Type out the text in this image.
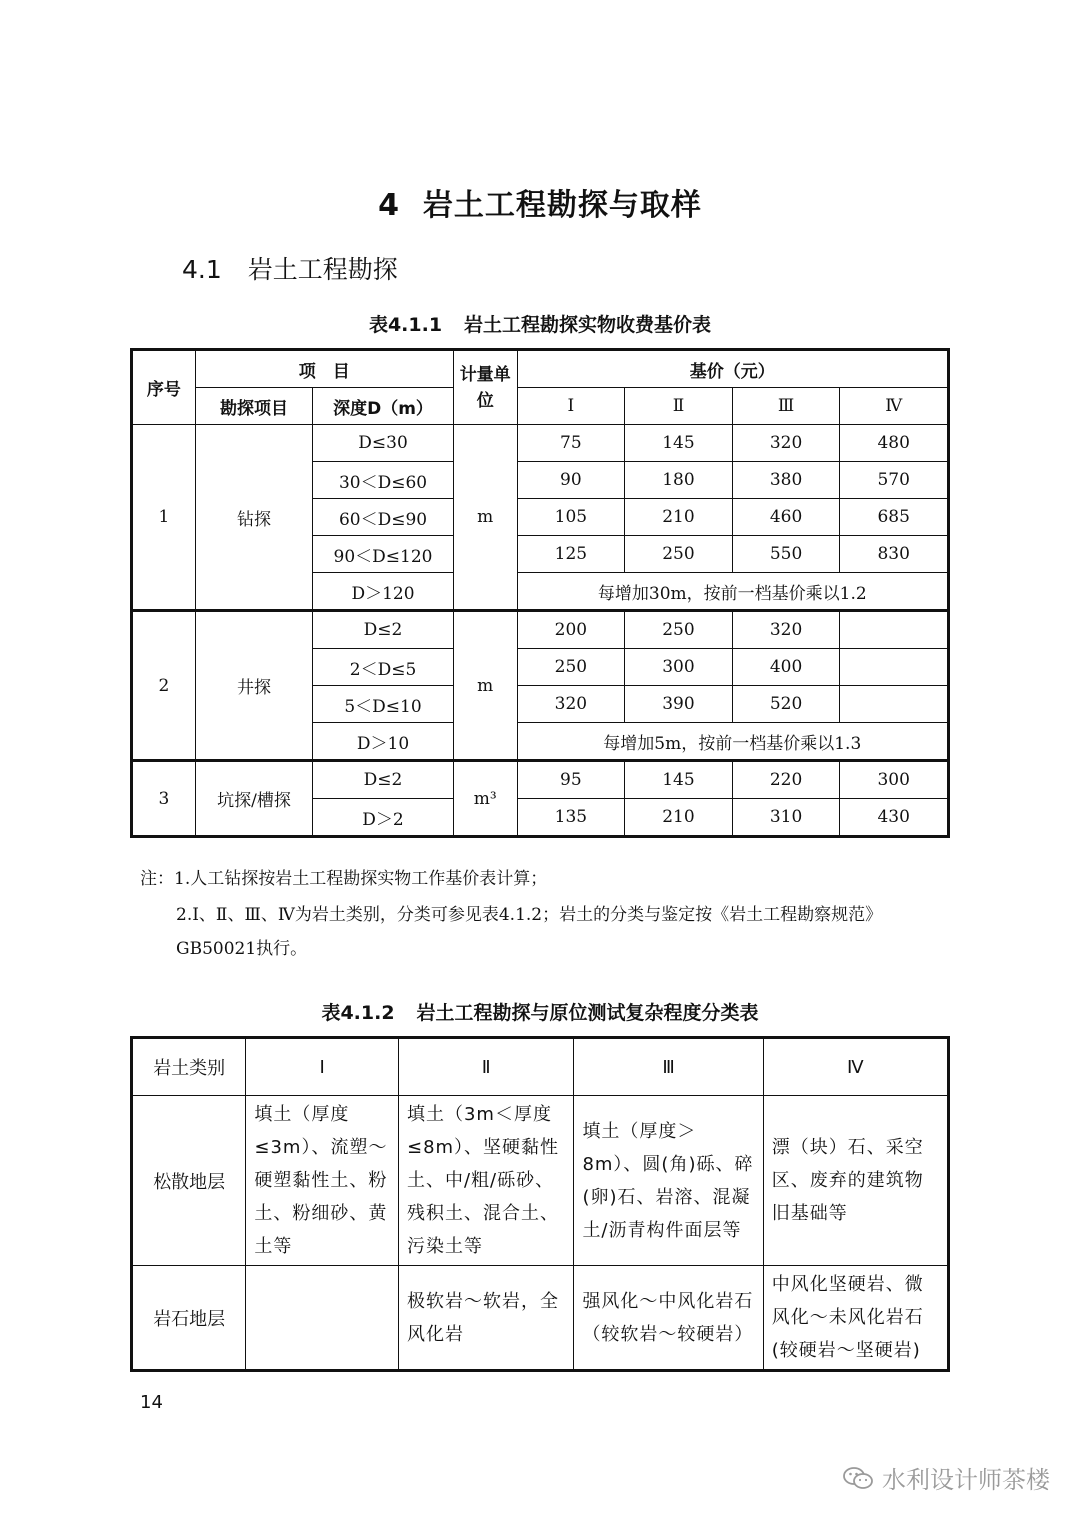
4 岩土工程勘探与取样
4.1 岩土工程勘探
表4.1.1 岩土工程勘探实物收费基价表
序号	项　目		计量单位	基价（元）			
	勘探项目	深度D（m）		Ⅰ	Ⅱ	Ⅲ	Ⅳ
1	钻探	D≤30	m	75	145	320	480
		30＜D≤60		90	180	380	570
		60＜D≤90		105	210	460	685
		90＜D≤120		125	250	550	830
		D＞120		每增加30m，按前一档基价乘以1.2			
2	井探	D≤2	m	200	250	320	
		2＜D≤5		250	300	400	
		5＜D≤10		320	390	520	
		D＞10		每增加5m，按前一档基价乘以1.3			
3	坑探/槽探	D≤2	m³	95	145	220	300
		D＞2		135	210	310	430
注：1.人工钻探按岩土工程勘探实物工作基价表计算；
2.Ⅰ、Ⅱ、Ⅲ、Ⅳ为岩土类别，分类可参见表4.1.2；岩土的分类与鉴定按《岩土工程勘察规范》GB50021执行。
表4.1.2 岩土工程勘探与原位测试复杂程度分类表
岩土类别	Ⅰ	Ⅱ	Ⅲ	Ⅳ
松散地层	填土（厚度≤3m）、流塑～硬塑黏性土、粉土、粉细砂、黄土等	填土（3m＜厚度≤8m）、坚硬黏性土、中/粗/砾砂、残积土、混合土、污染土等	填土（厚度＞8m）、圆(角)砾、碎(卵)石、岩溶、混凝土/沥青构件面层等	漂（块）石、采空区、废弃的建筑物旧基础等
岩石地层		极软岩～软岩，全风化岩	强风化～中风化岩石（较软岩～较硬岩）	中风化坚硬岩、微风化～未风化岩石(较硬岩～坚硬岩)
14
水利设计师茶楼
